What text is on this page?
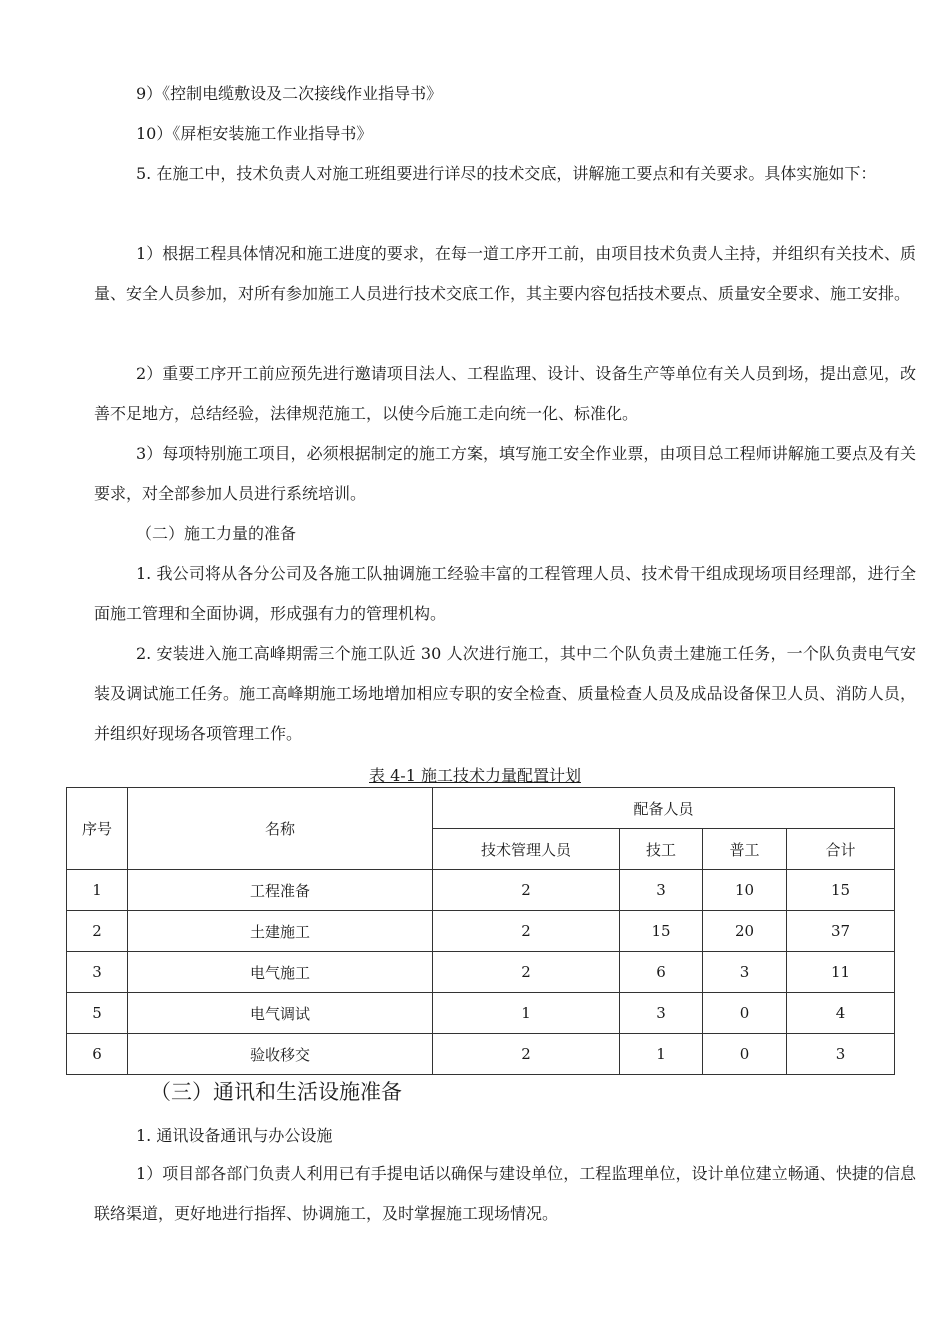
9）《控制电缆敷设及二次接线作业指导书》

10）《屏柜安装施工作业指导书》

5. 在施工中，技术负责人对施工班组要进行详尽的技术交底，讲解施工要点和有关要求。具体实施如下：

1）根据工程具体情况和施工进度的要求，在每一道工序开工前，由项目技术负责人主持，并组织有关技术、质量、安全人员参加，对所有参加施工人员进行技术交底工作，其主要内容包括技术要点、质量安全要求、施工安排。

2）重要工序开工前应预先进行邀请项目法人、工程监理、设计、设备生产等单位有关人员到场，提出意见，改善不足地方，总结经验，法律规范施工，以使今后施工走向统一化、标准化。

3）每项特别施工项目，必须根据制定的施工方案，填写施工安全作业票，由项目总工程师讲解施工要点及有关要求，对全部参加人员进行系统培训。

（二）施工力量的准备

1. 我公司将从各分公司及各施工队抽调施工经验丰富的工程管理人员、技术骨干组成现场项目经理部，进行全面施工管理和全面协调，形成强有力的管理机构。

2. 安装进入施工高峰期需三个施工队近 30 人次进行施工，其中二个队负责土建施工任务，一个队负责电气安装及调试施工任务。施工高峰期施工场地增加相应专职的安全检查、质量检查人员及成品设备保卫人员、消防人员，并组织好现场各项管理工作。

表 4-1 施工技术力量配置计划
序号	名称	配备人员			
		技术管理人员	技工	普工	合计
1	工程准备	2	3	10	15
2	土建施工	2	15	20	37
3	电气施工	2	6	3	11
5	电气调试	1	3	0	4
6	验收移交	2	1	0	3
（三）通讯和生活设施准备

1. 通讯设备通讯与办公设施

1）项目部各部门负责人利用已有手提电话以确保与建设单位，工程监理单位，设计单位建立畅通、快捷的信息联络渠道，更好地进行指挥、协调施工，及时掌握施工现场情况。
